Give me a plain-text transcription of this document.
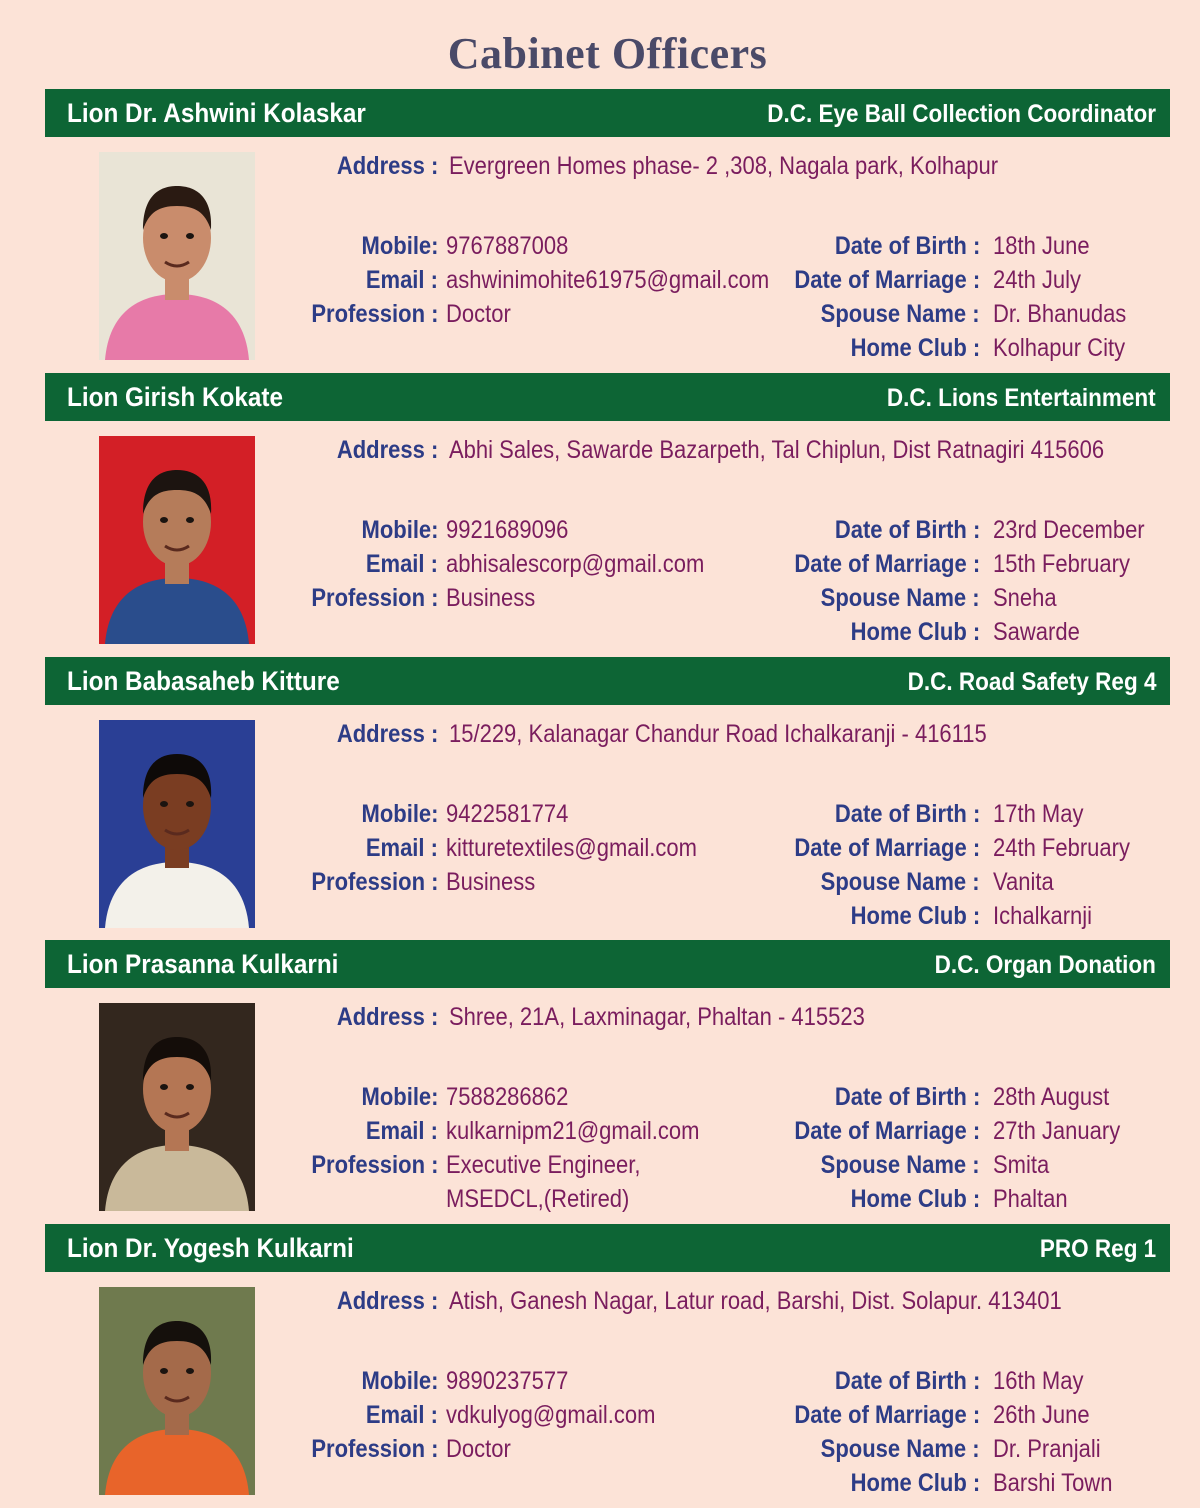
Cabinet Officers
Lion Dr. Ashwini Kolaskar	D.C. Eye Ball Collection Coordinator
Address : Evergreen Homes phase- 2 ,308, Nagala park, Kolhapur
Mobile: 9767887008
Email : ashwinimohite61975@gmail.com
Profession : Doctor
Date of Birth : 18th June
Date of Marriage : 24th July
Spouse Name : Dr. Bhanudas
Home Club : Kolhapur City
Lion Girish Kokate	D.C. Lions Entertainment
Address : Abhi Sales, Sawarde Bazarpeth, Tal Chiplun, Dist Ratnagiri 415606
Mobile: 9921689096
Email : abhisalescorp@gmail.com
Profession : Business
Date of Birth : 23rd December
Date of Marriage : 15th February
Spouse Name : Sneha
Home Club : Sawarde
Lion Babasaheb Kitture	D.C. Road Safety Reg 4
Address : 15/229, Kalanagar Chandur Road Ichalkaranji - 416115
Mobile: 9422581774
Email : kitturetextiles@gmail.com
Profession : Business
Date of Birth : 17th May
Date of Marriage : 24th February
Spouse Name : Vanita
Home Club : Ichalkarnji
Lion Prasanna Kulkarni	D.C. Organ Donation
Address : Shree, 21A, Laxminagar, Phaltan - 415523
Mobile: 7588286862
Email : kulkarnipm21@gmail.com
Profession : Executive Engineer,
MSEDCL,(Retired)
Date of Birth : 28th August
Date of Marriage : 27th January
Spouse Name : Smita
Home Club : Phaltan
Lion Dr. Yogesh Kulkarni	PRO Reg 1
Address : Atish, Ganesh Nagar, Latur road, Barshi, Dist. Solapur. 413401
Mobile: 9890237577
Email : vdkulyog@gmail.com
Profession : Doctor
Date of Birth : 16th May
Date of Marriage : 26th June
Spouse Name : Dr. Pranjali
Home Club : Barshi Town
